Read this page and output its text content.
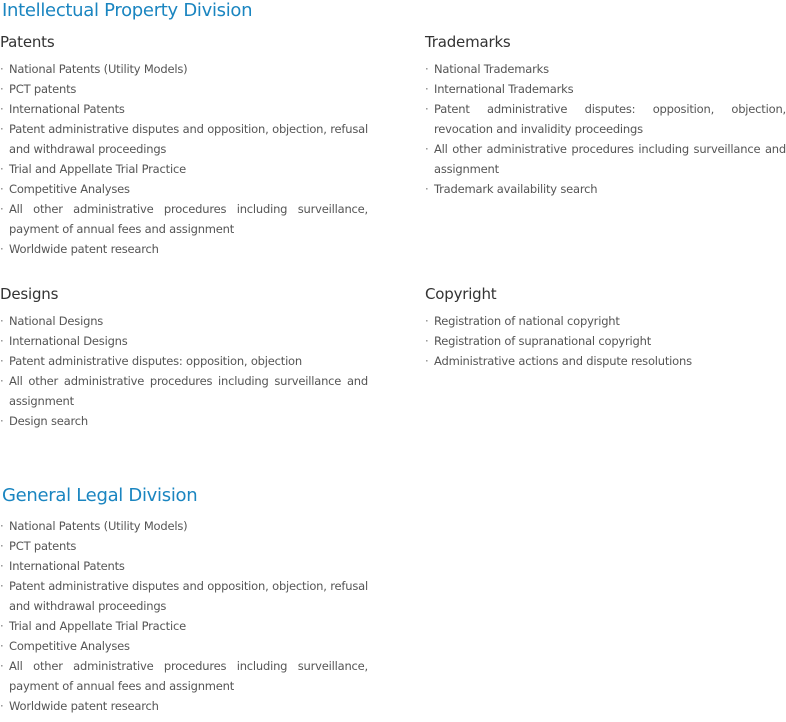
Intellectual Property Division
Patents
· National Patents (Utility Models)
· PCT patents
· International Patents
· Patent administrative disputes and opposition, objection, refusal and withdrawal proceedings
· Trial and Appellate Trial Practice
· Competitive Analyses
· All other administrative procedures including surveillance, payment of annual fees and assignment
· Worldwide patent research
Trademarks
· National Trademarks
· International Trademarks
· Patent administrative disputes: opposition, objection, revocation and invalidity proceedings
· All other administrative procedures including surveillance and assignment
· Trademark availability search
Designs
· National Designs
· International Designs
· Patent administrative disputes: opposition, objection
· All other administrative procedures including surveillance and assignment
· Design search
Copyright
· Registration of national copyright
· Registration of supranational copyright
· Administrative actions and dispute resolutions
General Legal Division
· National Patents (Utility Models)
· PCT patents
· International Patents
· Patent administrative disputes and opposition, objection, refusal and withdrawal proceedings
· Trial and Appellate Trial Practice
· Competitive Analyses
· All other administrative procedures including surveillance, payment of annual fees and assignment
· Worldwide patent research
